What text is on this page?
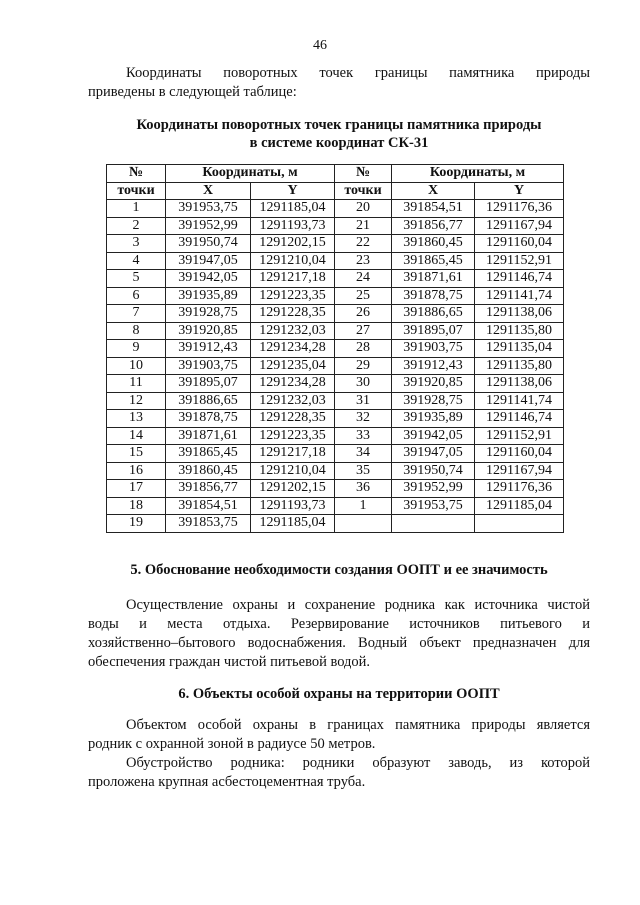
46

Координаты поворотных точек границы памятника природы

приведены в следующей таблице:

Координаты поворотных точек границы памятника природы

в системе координат СК-31

№	Координаты, м		№	Координаты, м	
точки	X	Y	точки	X	Y
1	391953,75	1291185,04	20	391854,51	1291176,36
2	391952,99	1291193,73	21	391856,77	1291167,94
3	391950,74	1291202,15	22	391860,45	1291160,04
4	391947,05	1291210,04	23	391865,45	1291152,91
5	391942,05	1291217,18	24	391871,61	1291146,74
6	391935,89	1291223,35	25	391878,75	1291141,74
7	391928,75	1291228,35	26	391886,65	1291138,06
8	391920,85	1291232,03	27	391895,07	1291135,80
9	391912,43	1291234,28	28	391903,75	1291135,04
10	391903,75	1291235,04	29	391912,43	1291135,80
11	391895,07	1291234,28	30	391920,85	1291138,06
12	391886,65	1291232,03	31	391928,75	1291141,74
13	391878,75	1291228,35	32	391935,89	1291146,74
14	391871,61	1291223,35	33	391942,05	1291152,91
15	391865,45	1291217,18	34	391947,05	1291160,04
16	391860,45	1291210,04	35	391950,74	1291167,94
17	391856,77	1291202,15	36	391952,99	1291176,36
18	391854,51	1291193,73	1	391953,75	1291185,04
19	391853,75	1291185,04			

5. Обоснование необходимости создания ООПТ и ее значимость

Осуществление охраны и сохранение родника как источника чистой

воды и места отдыха. Резервирование источников питьевого и

хозяйственно–бытового водоснабжения. Водный объект предназначен для

обеспечения граждан чистой питьевой водой.

6. Объекты особой охраны на территории ООПТ

Объектом особой охраны в границах памятника природы является

родник с охранной зоной в радиусе 50 метров.

Обустройство родника: родники образуют заводь, из которой

проложена крупная асбестоцементная труба.
